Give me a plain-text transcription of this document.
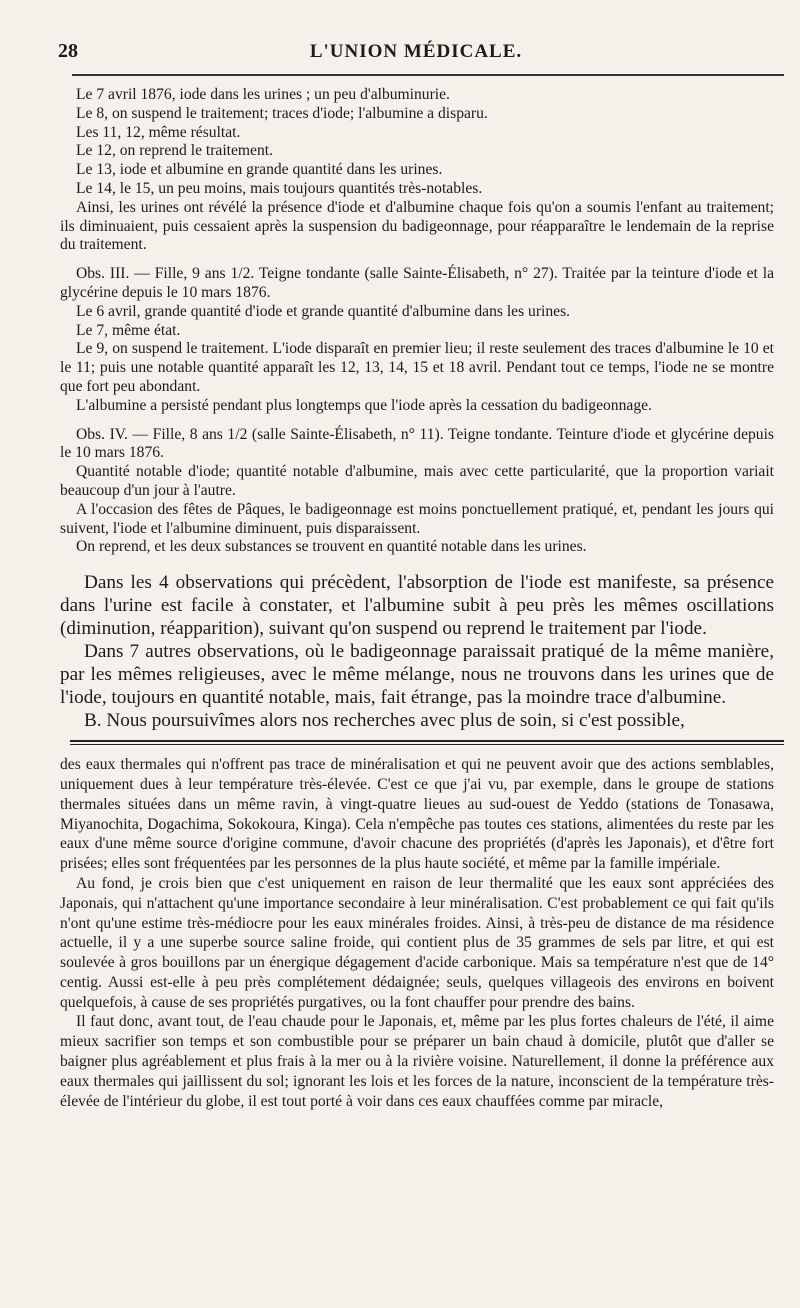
28	L'UNION MÉDICALE.

Le 7 avril 1876, iode dans les urines ; un peu d'albuminurie.

Le 8, on suspend le traitement; traces d'iode; l'albumine a disparu.

Les 11, 12, même résultat.

Le 12, on reprend le traitement.

Le 13, iode et albumine en grande quantité dans les urines.

Le 14, le 15, un peu moins, mais toujours quantités très-notables.

Ainsi, les urines ont révélé la présence d'iode et d'albumine chaque fois qu'on a soumis l'enfant au traitement; ils diminuaient, puis cessaient après la suspension du badigeonnage, pour réapparaître le lendemain de la reprise du traitement.

Obs. III. — Fille, 9 ans 1/2. Teigne tondante (salle Sainte-Élisabeth, n° 27). Traitée par la teinture d'iode et la glycérine depuis le 10 mars 1876.

Le 6 avril, grande quantité d'iode et grande quantité d'albumine dans les urines.

Le 7, même état.

Le 9, on suspend le traitement. L'iode disparaît en premier lieu; il reste seulement des traces d'albumine le 10 et le 11; puis une notable quantité apparaît les 12, 13, 14, 15 et 18 avril. Pendant tout ce temps, l'iode ne se montre que fort peu abondant.

L'albumine a persisté pendant plus longtemps que l'iode après la cessation du badigeonnage.

Obs. IV. — Fille, 8 ans 1/2 (salle Sainte-Élisabeth, n° 11). Teigne tondante. Teinture d'iode et glycérine depuis le 10 mars 1876.

Quantité notable d'iode; quantité notable d'albumine, mais avec cette particularité, que la proportion variait beaucoup d'un jour à l'autre.

A l'occasion des fêtes de Pâques, le badigeonnage est moins ponctuellement pratiqué, et, pendant les jours qui suivent, l'iode et l'albumine diminuent, puis disparaissent.

On reprend, et les deux substances se trouvent en quantité notable dans les urines.

Dans les 4 observations qui précèdent, l'absorption de l'iode est manifeste, sa présence dans l'urine est facile à constater, et l'albumine subit à peu près les mêmes oscillations (diminution, réapparition), suivant qu'on suspend ou reprend le traitement par l'iode.

Dans 7 autres observations, où le badigeonnage paraissait pratiqué de la même manière, par les mêmes religieuses, avec le même mélange, nous ne trouvons dans les urines que de l'iode, toujours en quantité notable, mais, fait étrange, pas la moindre trace d'albumine.

B. Nous poursuivîmes alors nos recherches avec plus de soin, si c'est possible,

des eaux thermales qui n'offrent pas trace de minéralisation et qui ne peuvent avoir que des actions semblables, uniquement dues à leur température très-élevée. C'est ce que j'ai vu, par exemple, dans le groupe de stations thermales situées dans un même ravin, à vingt-quatre lieues au sud-ouest de Yeddo (stations de Tonasawa, Miyanochita, Dogachima, Sokokoura, Kinga). Cela n'empêche pas toutes ces stations, alimentées du reste par les eaux d'une même source d'origine commune, d'avoir chacune des propriétés (d'après les Japonais), et d'être fort prisées; elles sont fréquentées par les personnes de la plus haute société, et même par la famille impériale.

Au fond, je crois bien que c'est uniquement en raison de leur thermalité que les eaux sont appréciées des Japonais, qui n'attachent qu'une importance secondaire à leur minéralisation. C'est probablement ce qui fait qu'ils n'ont qu'une estime très-médiocre pour les eaux minérales froides. Ainsi, à très-peu de distance de ma résidence actuelle, il y a une superbe source saline froide, qui contient plus de 35 grammes de sels par litre, et qui est soulevée à gros bouillons par un énergique dégagement d'acide carbonique. Mais sa température n'est que de 14° centig. Aussi est-elle à peu près complétement dédaignée; seuls, quelques villageois des environs en boivent quelquefois, à cause de ses propriétés purgatives, ou la font chauffer pour prendre des bains.

Il faut donc, avant tout, de l'eau chaude pour le Japonais, et, même par les plus fortes chaleurs de l'été, il aime mieux sacrifier son temps et son combustible pour se préparer un bain chaud à domicile, plutôt que d'aller se baigner plus agréablement et plus frais à la mer ou à la rivière voisine. Naturellement, il donne la préférence aux eaux thermales qui jaillissent du sol; ignorant les lois et les forces de la nature, inconscient de la température très-élevée de l'intérieur du globe, il est tout porté à voir dans ces eaux chauffées comme par miracle,
